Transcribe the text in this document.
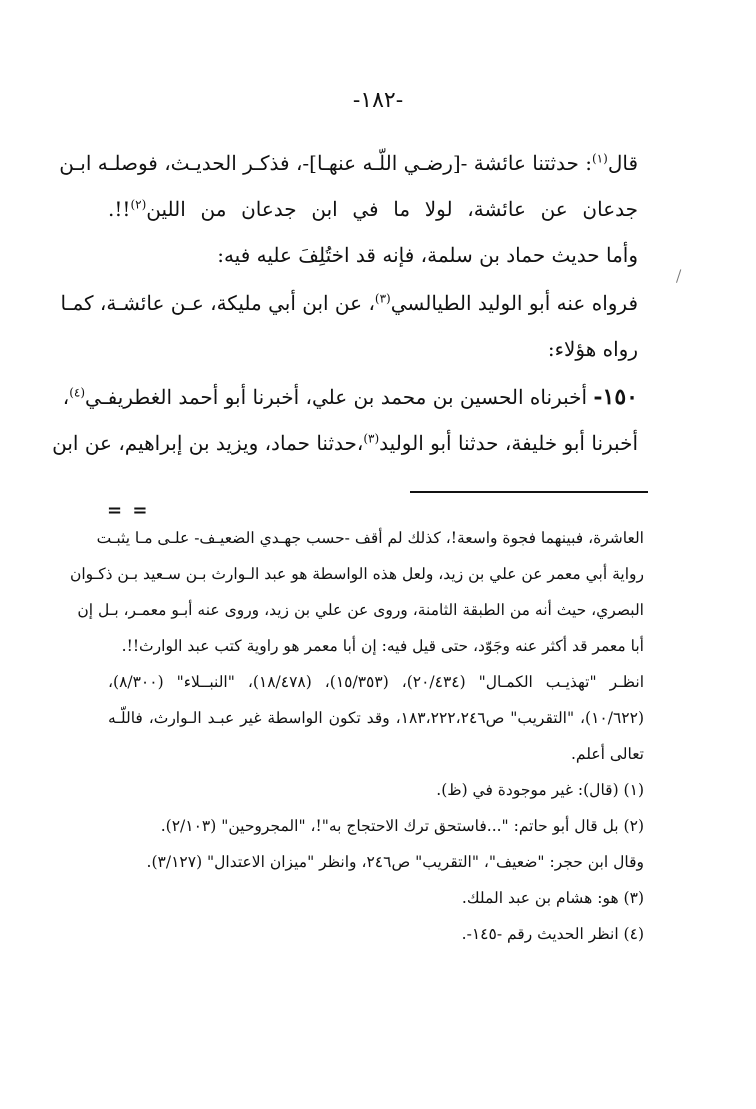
-١٨٢-
قال$^{(١)}$: حدثتنا عائشة -[رضـي اللّـه عنهـا]-، فذكـر الحديـث، فوصلـه ابـن
جدعان عن عائشة، لولا ما في ابن جدعان من اللين$^{(٢)}$!!.
وأما حديث حماد بن سلمة، فإنه قد اختُلِفَ عليه فيه:
فرواه عنه أبو الوليد الطيالسي$^{(٣)}$، عن ابن أبي مليكة، عـن عائشـة، كمـا
رواه هؤلاء:
١٥٠- أخبرناه الحسين بن محمد بن علي، أخبرنا أبو أحمد الغطريفـي$^{(٤)}$،
أخبرنا أبو خليفة، حدثنا أبو الوليد$^{(٣)}$،حدثنا حماد، ويزيد بن إبراهيم، عن ابن
= =
العاشرة، فبينهما فجوة واسعة!، كذلك لم أقف -حسب جهـدي الضعيـف- علـى مـا يثبـت
رواية أبي معمر عن علي بن زيد، ولعل هذه الواسطة هو عبد الـوارث بـن سـعيد بـن ذكـوان
البصري، حيث أنه من الطبقة الثامنة، وروى عن علي بن زيد، وروى عنه أبـو معمـر، بـل إن
أبا معمر قد أكثر عنه وجَوّد، حتى قيل فيه: إن أبا معمر هو راوية كتب عبد الوارث!!.
انظـر "تهذيـب الكمـال" (٢٠/٤٣٤)، (١٥/٣٥٣)، (١٨/٤٧٨)، "النبــلاء" (٨/٣٠٠)،
(١٠/٦٢٢)، "التقريب" ص١٨٣،٢٢٢،٢٤٦، وقد تكون الواسطة غير عبـد الـوارث، فاللّـه
تعالى أعلم.
(١) (قال): غير موجودة في (ظ).
(٢) بل قال أبو حاتم: "...فاستحق ترك الاحتجاج به"!، "المجروحين" (٢/١٠٣).
وقال ابن حجر: "ضعيف"، "التقريب" ص٢٤٦، وانظر "ميزان الاعتدال" (٣/١٢٧).
(٣) هو: هشام بن عبد الملك.
(٤) انظر الحديث رقم -١٤٥-.
